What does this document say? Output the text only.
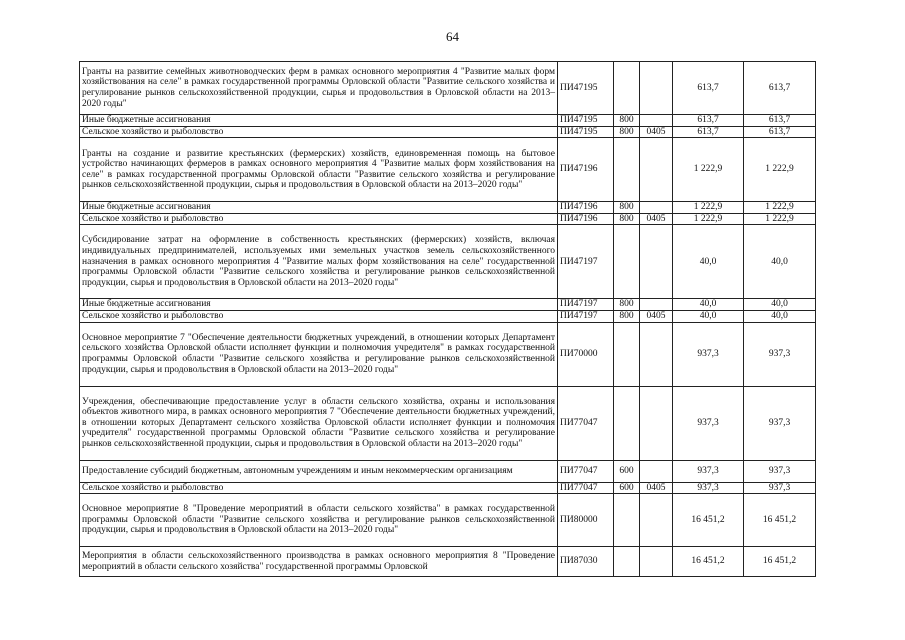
64
Гранты на развитие семейных животноводческих ферм в рамках основного мероприятия 4 "Развитие малых форм хозяйствования на селе" в рамках государственной программы Орловской области "Развитие сельского хозяйства и регулирование рынков сельскохозяйственной продукции, сырья и продовольствия в Орловской области на 2013–2020 годы"	ПИ47195			613,7	613,7	
Иные бюджетные ассигнования	ПИ47195	800		613,7	613,7	
Сельское хозяйство и рыболовство	ПИ47195	800	0405	613,7	613,7	
Гранты на создание и развитие крестьянских (фермерских) хозяйств, единовременная помощь на бытовое устройство начинающих фермеров в рамках основного мероприятия 4 "Развитие малых форм хозяйствования на селе" в рамках государственной программы Орловской области "Развитие сельского хозяйства и регулирование рынков сельскохозяйственной продукции, сырья и продовольствия в Орловской области на 2013–2020 годы"	ПИ47196			1 222,9	1 222,9	
Иные бюджетные ассигнования	ПИ47196	800		1 222,9	1 222,9	
Сельское хозяйство и рыболовство	ПИ47196	800	0405	1 222,9	1 222,9	
Субсидирование затрат на оформление в собственность крестьянских (фермерских) хозяйств, включая индивидуальных предпринимателей, используемых ими земельных участков земель сельскохозяйственного назначения в рамках основного мероприятия 4 "Развитие малых форм хозяйствования на селе" государственной программы Орловской области "Развитие сельского хозяйства и регулирование рынков сельскохозяйственной продукции, сырья и продовольствия в Орловской области на 2013–2020 годы"	ПИ47197			40,0	40,0	
Иные бюджетные ассигнования	ПИ47197	800		40,0	40,0	
Сельское хозяйство и рыболовство	ПИ47197	800	0405	40,0	40,0	
Основное мероприятие 7 "Обеспечение деятельности бюджетных учреждений, в отношении которых Департамент сельского хозяйства Орловской области исполняет функции и полномочия учредителя" в рамках государственной программы Орловской области "Развитие сельского хозяйства и регулирование рынков сельскохозяйственной продукции, сырья и продовольствия в Орловской области на 2013–2020 годы"	ПИ70000			937,3	937,3	
Учреждения, обеспечивающие предоставление услуг в области сельского хозяйства, охраны и использования объектов животного мира, в рамках основного мероприятия 7 "Обеспечение деятельности бюджетных учреждений, в отношении которых Департамент сельского хозяйства Орловской области исполняет функции и полномочия учредителя" государственной программы Орловской области "Развитие сельского хозяйства и регулирование рынков сельскохозяйственной продукции, сырья и продовольствия в Орловской области на 2013–2020 годы"	ПИ77047			937,3	937,3	
Предоставление субсидий бюджетным, автономным учреждениям и иным некоммерческим организациям	ПИ77047	600		937,3	937,3	
Сельское хозяйство и рыболовство	ПИ77047	600	0405	937,3	937,3	
Основное мероприятие 8 "Проведение мероприятий в области сельского хозяйства" в рамках государственной программы Орловской области "Развитие сельского хозяйства и регулирование рынков сельскохозяйственной продукции, сырья и продовольствия в Орловской области на 2013–2020 годы"	ПИ80000			16 451,2	16 451,2	
Мероприятия в области сельскохозяйственного производства в рамках основного мероприятия 8 "Проведение мероприятий в области сельского хозяйства" государственной программы Орловской	ПИ87030			16 451,2	16 451,2	
